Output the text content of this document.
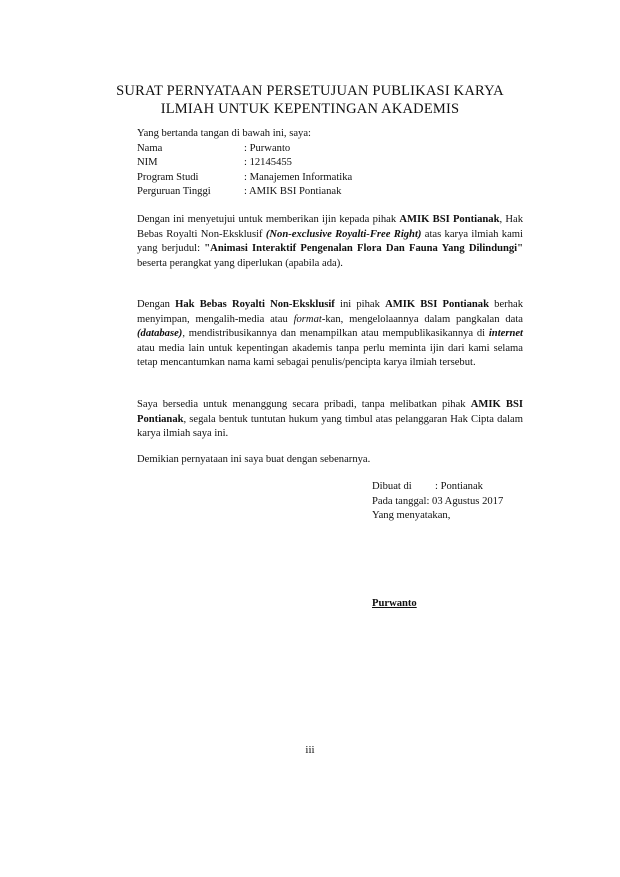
SURAT PERNYATAAN PERSETUJUAN PUBLIKASI KARYA
ILMIAH UNTUK KEPENTINGAN AKADEMIS
Yang bertanda tangan di bawah ini, saya:
Nama	: Purwanto
NIM	: 12145455
Program Studi	: Manajemen Informatika
Perguruan Tinggi	: AMIK BSI Pontianak
Dengan ini menyetujui untuk memberikan ijin kepada pihak AMIK BSI Pontianak, Hak Bebas Royalti Non-Eksklusif (Non-exclusive Royalti-Free Right) atas karya ilmiah kami yang berjudul: "Animasi Interaktif Pengenalan Flora Dan Fauna Yang Dilindungi" beserta perangkat yang diperlukan (apabila ada).
Dengan Hak Bebas Royalti Non-Eksklusif ini pihak AMIK BSI Pontianak berhak menyimpan, mengalih-media atau format-kan, mengelolaannya dalam pangkalan data (database), mendistribusikannya dan menampilkan atau mempublikasikannya di internet atau media lain untuk kepentingan akademis tanpa perlu meminta ijin dari kami selama tetap mencantumkan nama kami sebagai penulis/pencipta karya ilmiah tersebut.
Saya bersedia untuk menanggung secara pribadi, tanpa melibatkan pihak AMIK BSI Pontianak, segala bentuk tuntutan hukum yang timbul atas pelanggaran Hak Cipta dalam karya ilmiah saya ini.
Demikian pernyataan ini saya buat dengan sebenarnya.
Dibuat di	: Pontianak
Pada tanggal : 03 Agustus 2017
Yang menyatakan,
Purwanto
iii
